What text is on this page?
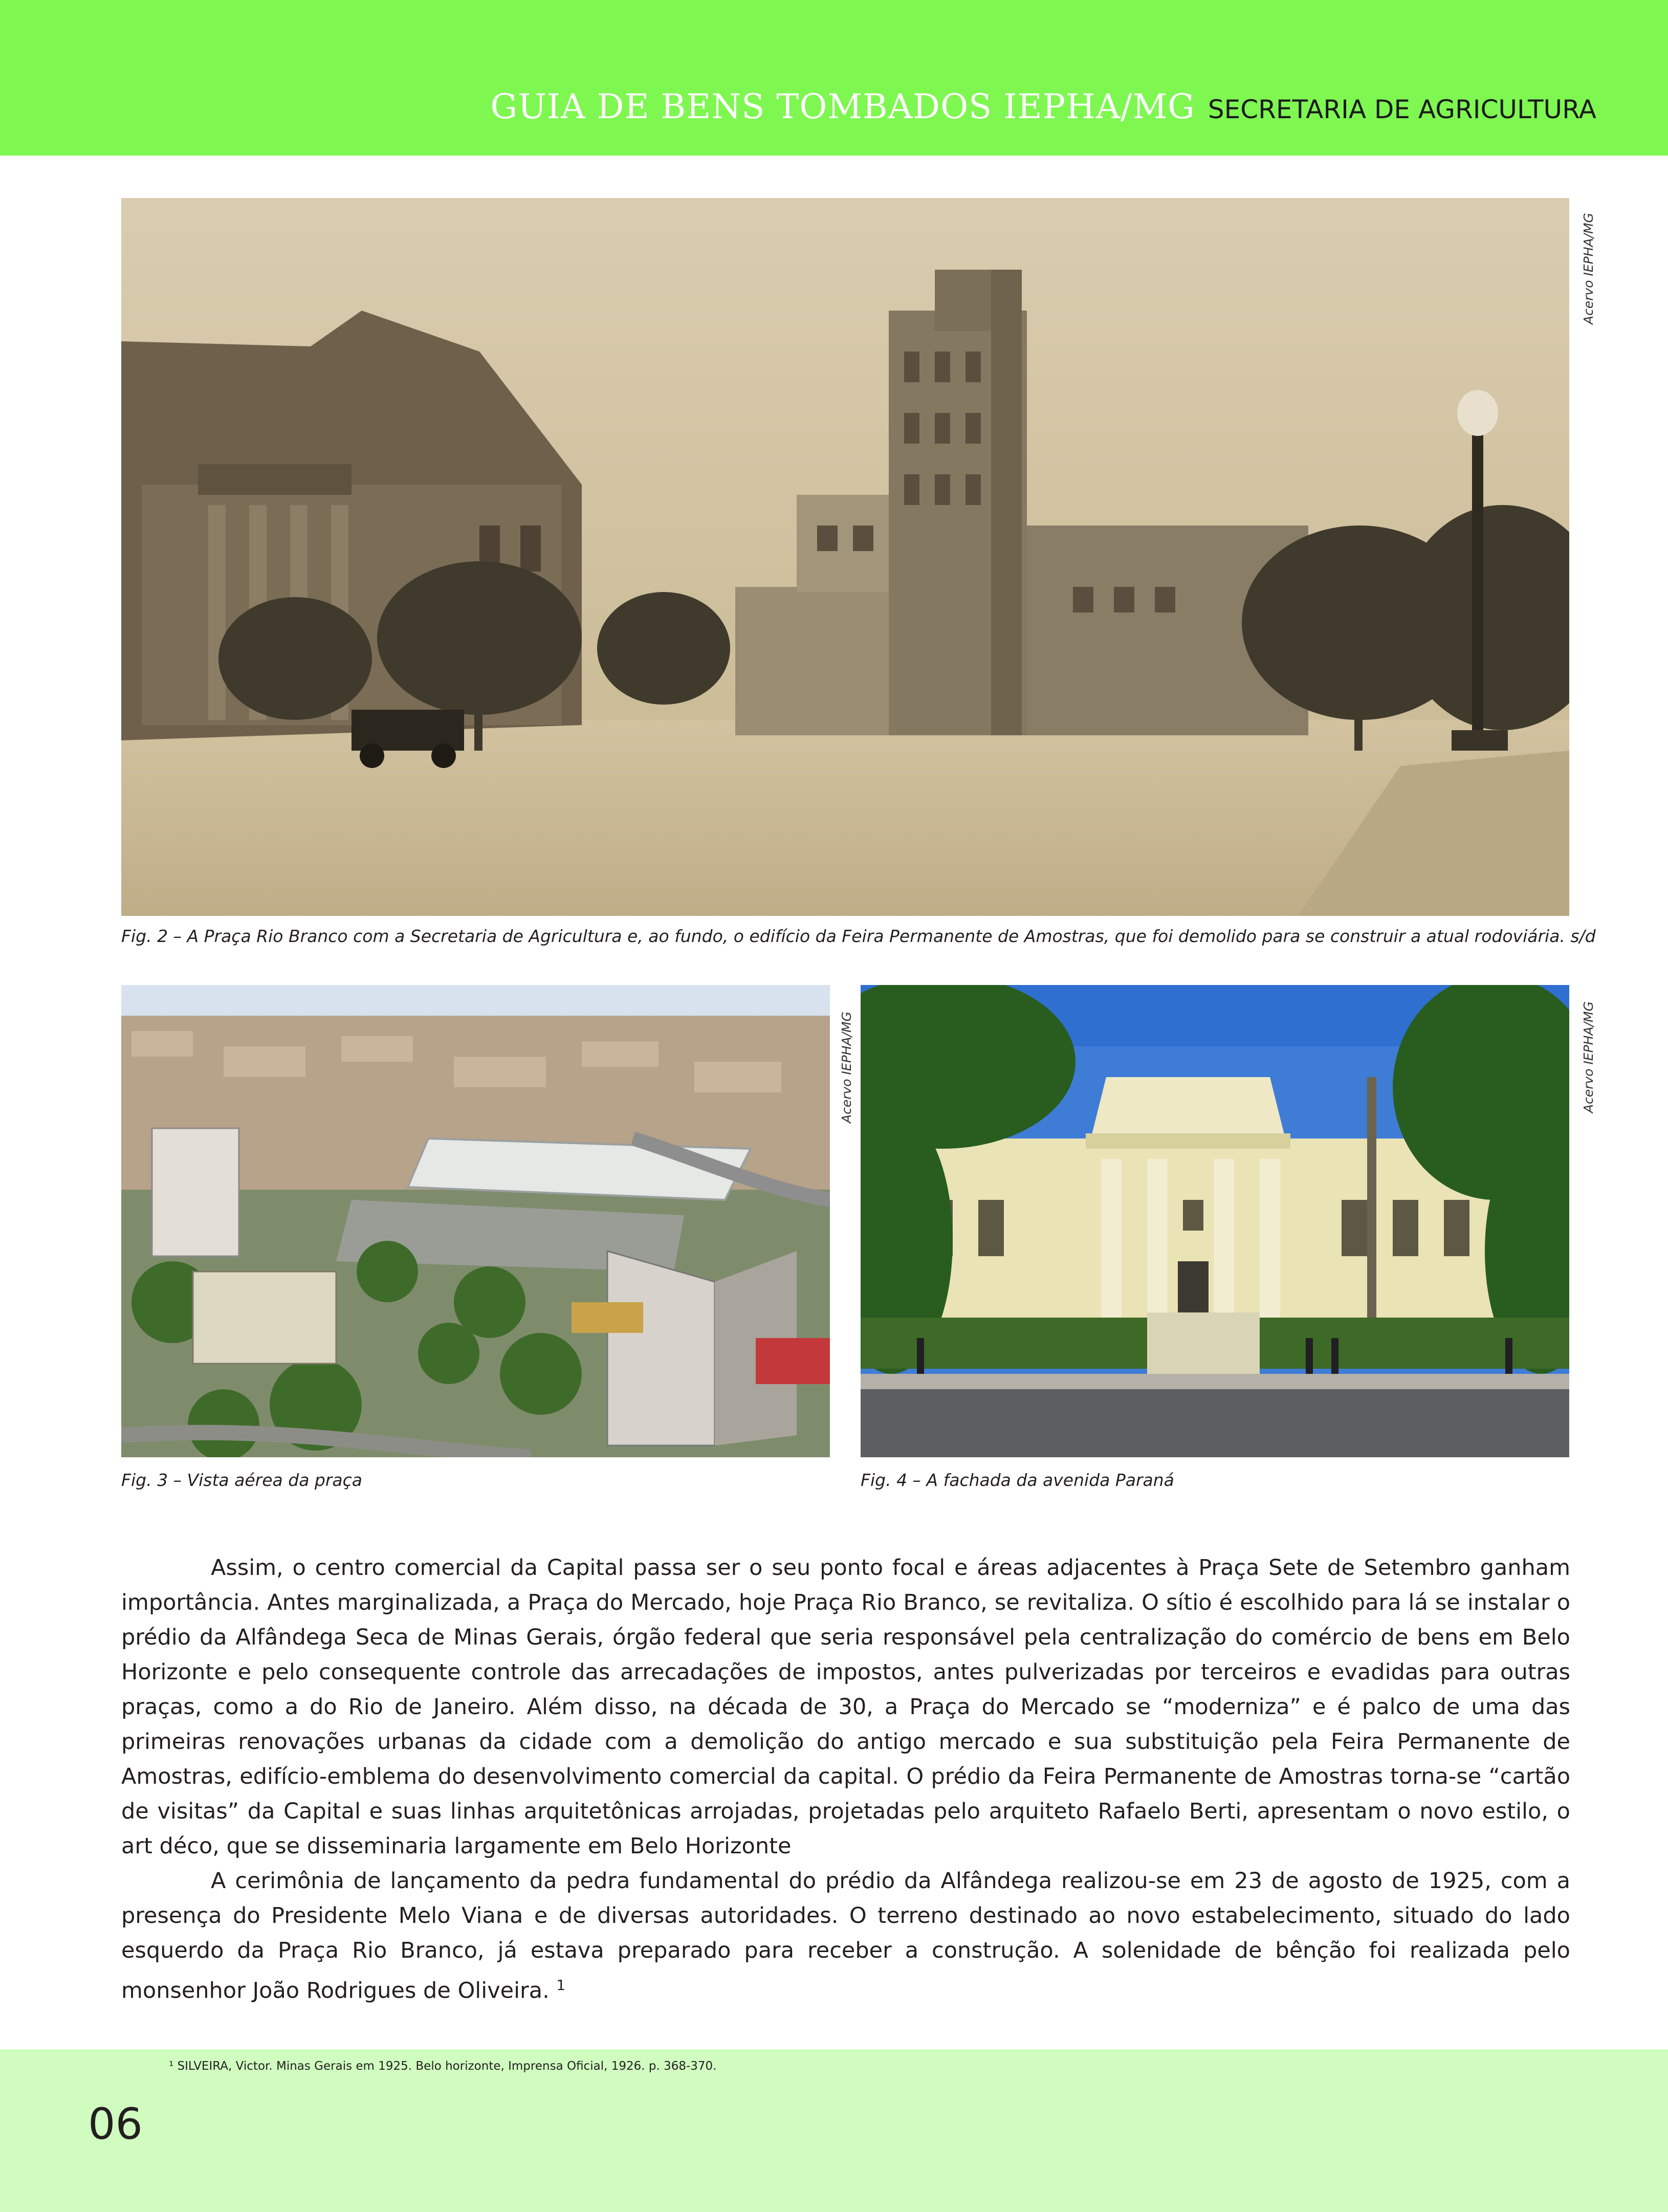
GUIA DE BENS TOMBADOS IEPHA/MG SECRETARIA DE AGRICULTURA
Acervo IEPHA/MG
Fig. 2 – A Praça Rio Branco com a Secretaria de Agricultura e, ao fundo, o edifício da Feira Permanente de Amostras, que foi demolido para se construir a atual rodoviária. s/d
Acervo IEPHA/MG
Fig. 3 – Vista aérea da praça
Acervo IEPHA/MG
Fig. 4 – A fachada da avenida Paraná

Assim, o centro comercial da Capital passa ser o seu ponto focal e áreas adjacentes à Praça Sete de Setembro ganham importância. Antes marginalizada, a Praça do Mercado, hoje Praça Rio Branco, se revitaliza. O sítio é escolhido para lá se instalar o prédio da Alfândega Seca de Minas Gerais, órgão federal que seria responsável pela centralização do comércio de bens em Belo Horizonte e pelo consequente controle das arrecadações de impostos, antes pulverizadas por terceiros e evadidas para outras praças, como a do Rio de Janeiro. Além disso, na década de 30, a Praça do Mercado se “moderniza” e é palco de uma das primeiras renovações urbanas da cidade com a demolição do antigo mercado e sua substituição pela Feira Permanente de Amostras, edifício-emblema do desenvolvimento comercial da capital. O prédio da Feira Permanente de Amostras torna-se “cartão de visitas” da Capital e suas linhas arquitetônicas arrojadas, projetadas pelo arquiteto Rafaelo Berti, apresentam o novo estilo, o art déco, que se disseminaria largamente em Belo Horizonte

A cerimônia de lançamento da pedra fundamental do prédio da Alfândega realizou-se em 23 de agosto de 1925, com a presença do Presidente Melo Viana e de diversas autoridades. O terreno destinado ao novo estabelecimento, situado do lado esquerdo da Praça Rio Branco, já estava preparado para receber a construção. A solenidade de bênção foi realizada pelo monsenhor João Rodrigues de Oliveira. $^1$

¹ SILVEIRA, Victor. Minas Gerais em 1925. Belo horizonte, Imprensa Oficial, 1926. p. 368-370.
06
